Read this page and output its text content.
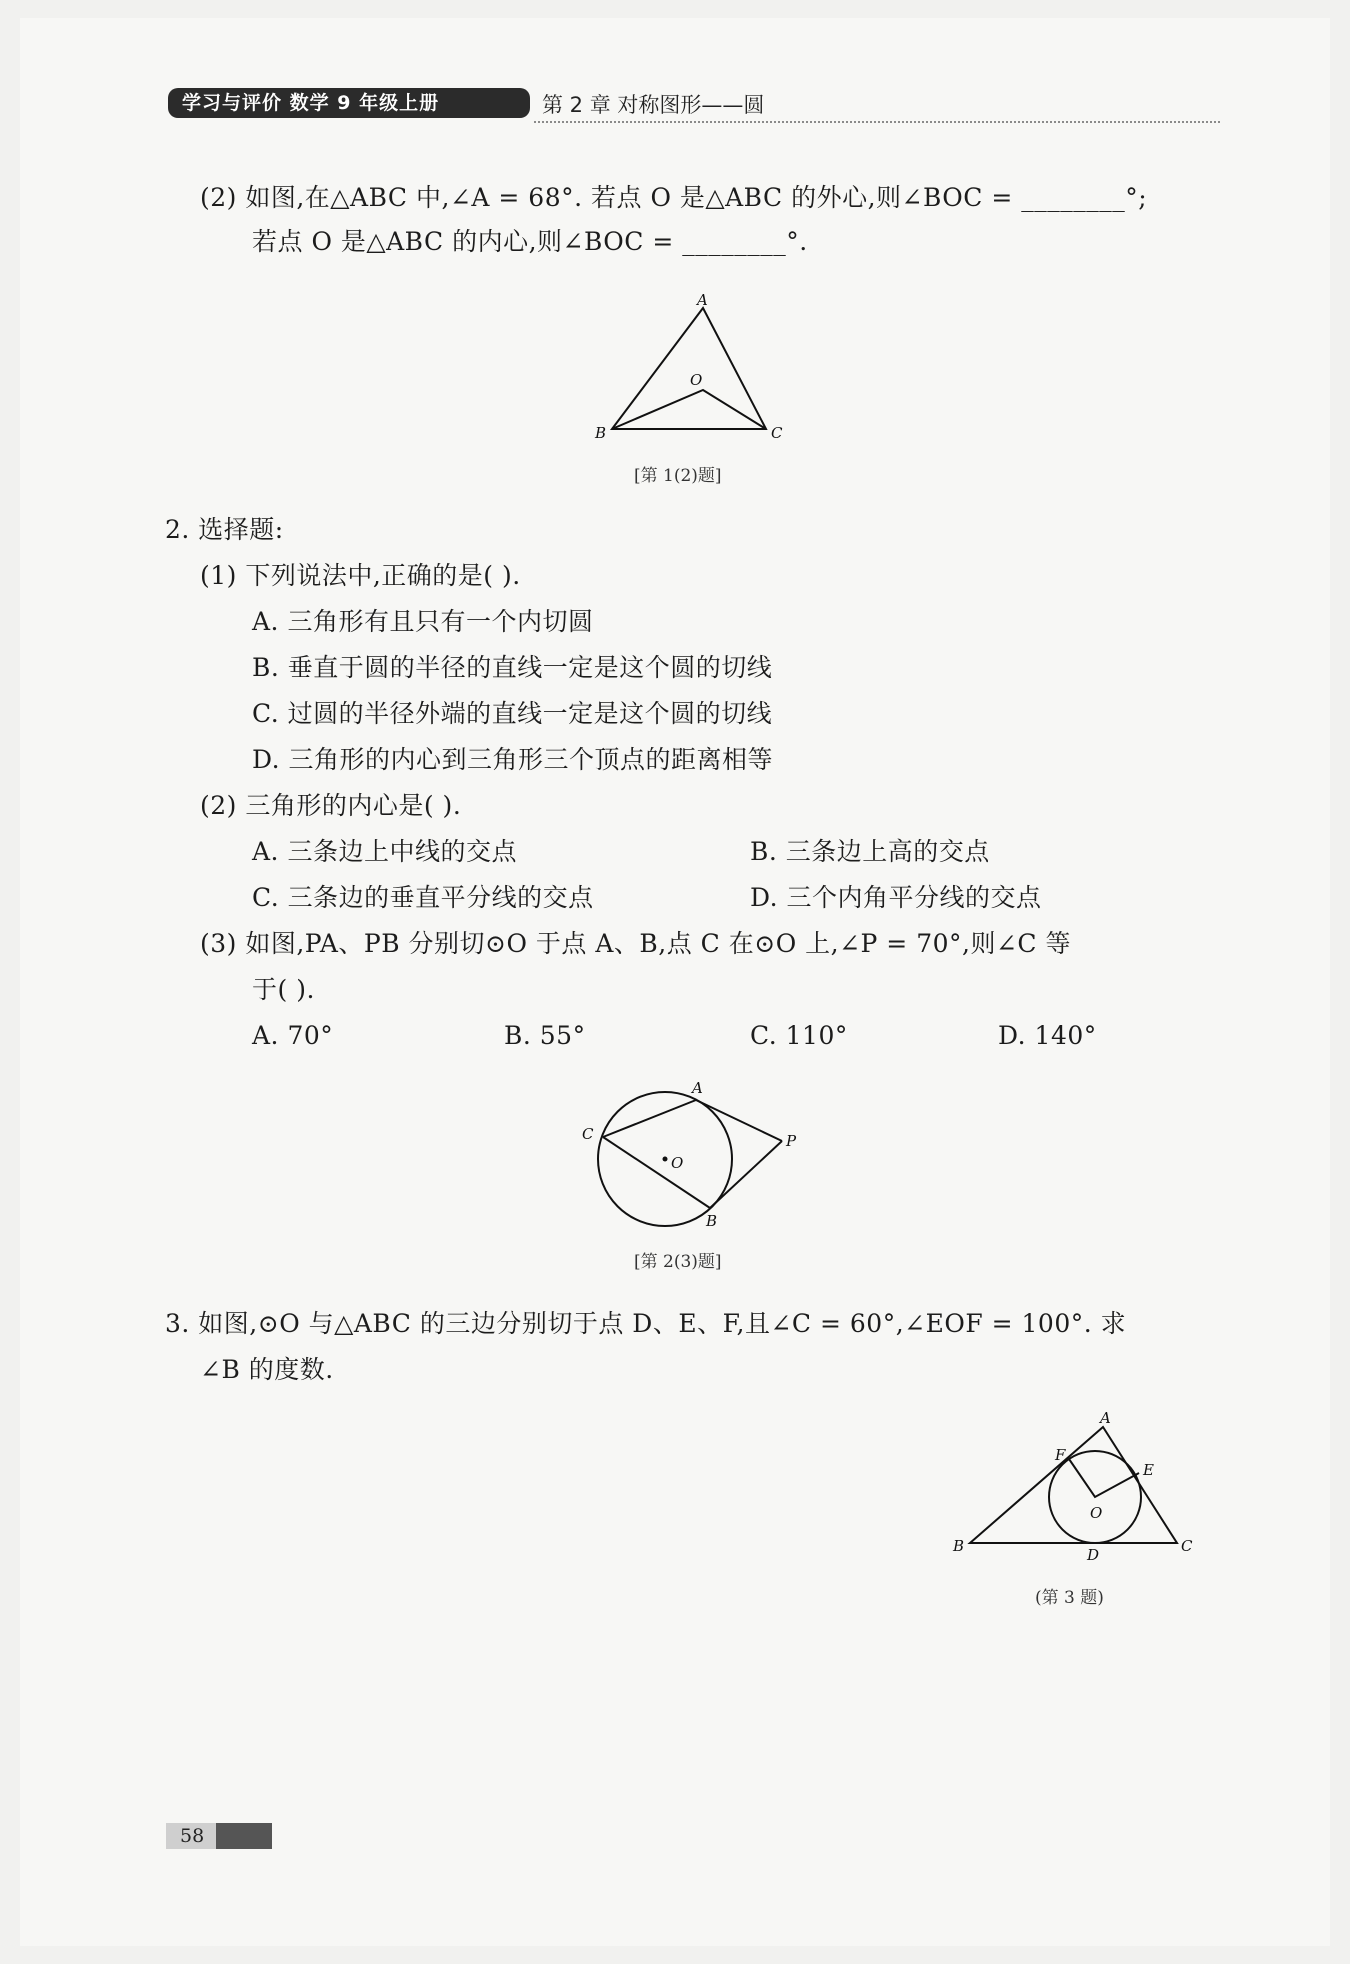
学习与评价 数学 9 年级上册	第 2 章 对称图形——圆
(2) 如图,在△ABC 中,∠A = 68°. 若点 O 是△ABC 的外心,则∠BOC = ________°;
若点 O 是△ABC 的内心,则∠BOC = ________°.
A
B	C
O
[第 1(2)题]
2. 选择题:
(1) 下列说法中,正确的是( ).
A. 三角形有且只有一个内切圆
B. 垂直于圆的半径的直线一定是这个圆的切线
C. 过圆的半径外端的直线一定是这个圆的切线
D. 三角形的内心到三角形三个顶点的距离相等
(2) 三角形的内心是( ).
A. 三条边上中线的交点	B. 三条边上高的交点
C. 三条边的垂直平分线的交点	D. 三个内角平分线的交点
(3) 如图,PA、PB 分别切⊙O 于点 A、B,点 C 在⊙O 上,∠P = 70°,则∠C 等
于( ).
A. 70°	B. 55°	C. 110°	D. 140°
A
B
C
O
P
[第 2(3)题]
3. 如图,⊙O 与△ABC 的三边分别切于点 D、E、F,且∠C = 60°,∠EOF = 100°. 求
∠B 的度数.
A
B	C
D
E
F
O
(第 3 题)
58
